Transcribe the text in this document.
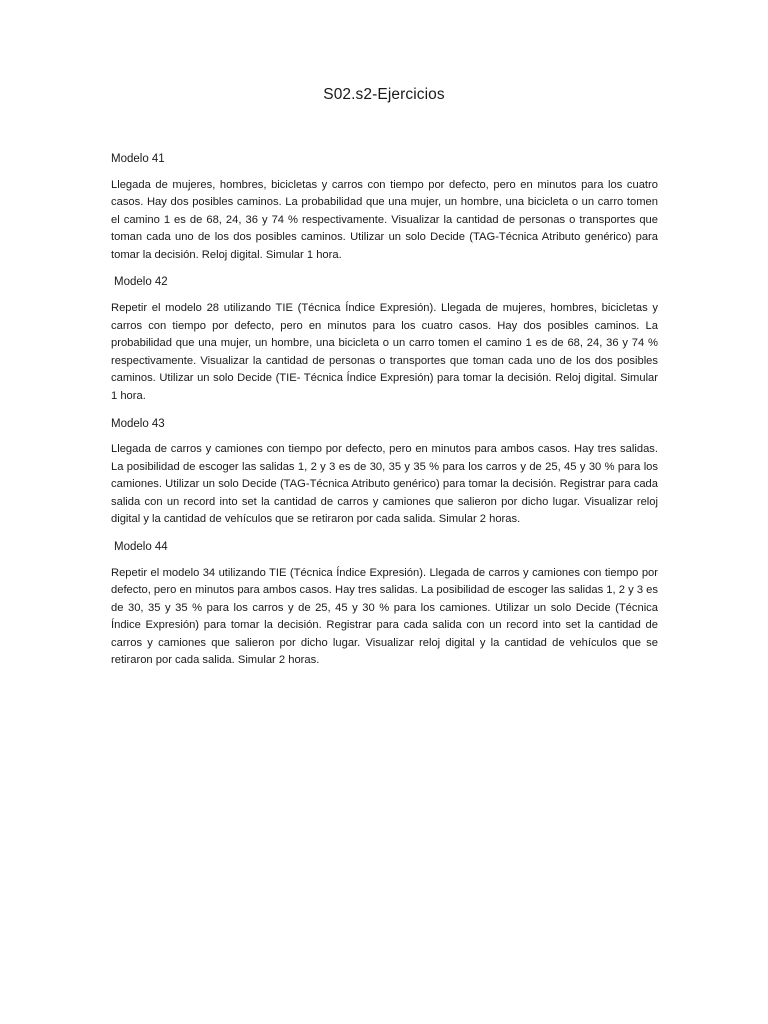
S02.s2-Ejercicios

Modelo 41

Llegada de mujeres, hombres, bicicletas y carros con tiempo por defecto, pero en minutos para los cuatro casos. Hay dos posibles caminos. La probabilidad que una mujer, un hombre, una bicicleta o un carro tomen el camino 1 es de 68, 24, 36 y 74 % respectivamente. Visualizar la cantidad de personas o transportes que toman cada uno de los dos posibles caminos. Utilizar un solo Decide (TAG-Técnica Atributo genérico) para tomar la decisión. Reloj digital. Simular 1 hora.

Modelo 42

Repetir el modelo 28 utilizando TIE (Técnica Índice Expresión). Llegada de mujeres, hombres, bicicletas y carros con tiempo por defecto, pero en minutos para los cuatro casos. Hay dos posibles caminos. La probabilidad que una mujer, un hombre, una bicicleta o un carro tomen el camino 1 es de 68, 24, 36 y 74 % respectivamente. Visualizar la cantidad de personas o transportes que toman cada uno de los dos posibles caminos. Utilizar un solo Decide (TIE- Técnica Índice Expresión) para tomar la decisión. Reloj digital. Simular 1 hora.

Modelo 43

Llegada de carros y camiones con tiempo por defecto, pero en minutos para ambos casos. Hay tres salidas. La posibilidad de escoger las salidas 1, 2 y 3 es de 30, 35 y 35 % para los carros y de 25, 45 y 30 % para los camiones. Utilizar un solo Decide (TAG-Técnica Atributo genérico) para tomar la decisión. Registrar para cada salida con un record into set la cantidad de carros y camiones que salieron por dicho lugar. Visualizar reloj digital y la cantidad de vehículos que se retiraron por cada salida. Simular 2 horas.

Modelo 44

Repetir el modelo 34 utilizando TIE (Técnica Índice Expresión). Llegada de carros y camiones con tiempo por defecto, pero en minutos para ambos casos. Hay tres salidas. La posibilidad de escoger las salidas 1, 2 y 3 es de 30, 35 y 35 % para los carros y de 25, 45 y 30 % para los camiones. Utilizar un solo Decide (Técnica Índice Expresión) para tomar la decisión. Registrar para cada salida con un record into set la cantidad de carros y camiones que salieron por dicho lugar. Visualizar reloj digital y la cantidad de vehículos que se retiraron por cada salida. Simular 2 horas.
